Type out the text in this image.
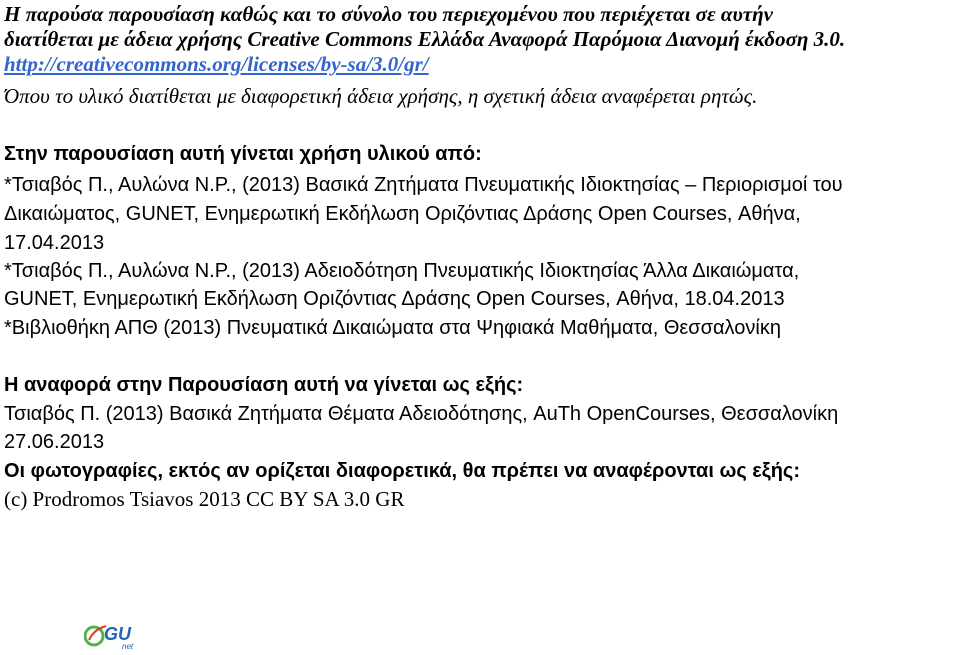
Η παρούσα παρουσίαση καθώς και το σύνολο του περιεχομένου που περιέχεται σε αυτήν
διατίθεται με άδεια χρήσης Creative Commons Ελλάδα Αναφορά Παρόμοια Διανομή έκδοση 3.0.
http://creativecommons.org/licenses/by-sa/3.0/gr/
Όπου το υλικό διατίθεται με διαφορετική άδεια χρήσης, η σχετική άδεια αναφέρεται ρητώς.
Στην παρουσίαση αυτή γίνεται χρήση υλικού από:
*Τσιαβός Π., Αυλώνα Ν.Ρ., (2013) Βασικά Ζητήματα Πνευματικής Ιδιοκτησίας – Περιορισμοί του
Δικαιώματος, GUNET, Ενημερωτική Εκδήλωση Οριζόντιας Δράσης Open Courses, Αθήνα,
17.04.2013
*Τσιαβός Π., Αυλώνα Ν.Ρ., (2013) Αδειοδότηση Πνευματικής Ιδιοκτησίας Άλλα Δικαιώματα,
GUNET, Ενημερωτική Εκδήλωση Οριζόντιας Δράσης Open Courses, Αθήνα, 18.04.2013
*Βιβλιοθήκη ΑΠΘ (2013) Πνευματικά Δικαιώματα στα Ψηφιακά Μαθήματα, Θεσσαλονίκη
Η αναφορά στην Παρουσίαση αυτή να γίνεται ως εξής:
Τσιαβός Π. (2013) Βασικά Ζητήματα Θέματα Αδειοδότησης, AuTh OpenCourses, Θεσσαλονίκη
27.06.2013
Οι φωτογραφίες, εκτός αν ορίζεται διαφορετικά, θα πρέπει να αναφέρονται ως εξής:
(c) Prodromos Tsiavos 2013 CC BY SA 3.0 GR
GU
net
